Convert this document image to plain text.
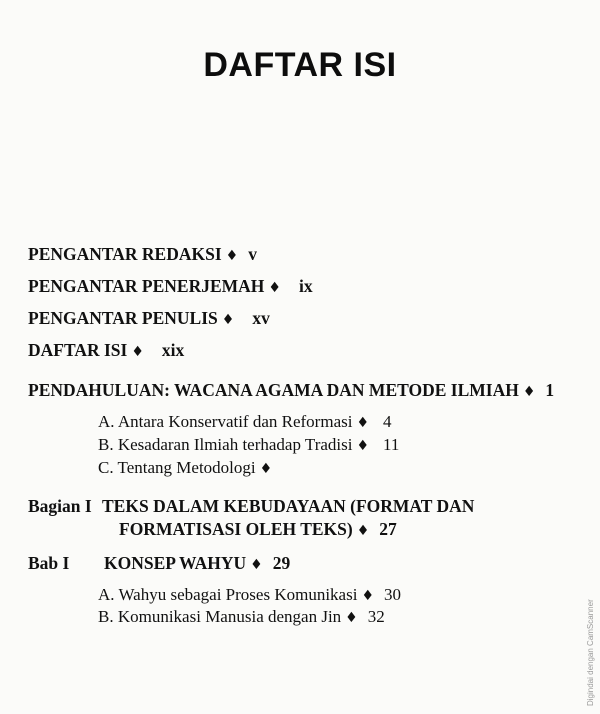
DAFTAR ISI
PENGANTAR REDAKSI ♦ v
PENGANTAR PENERJEMAH ♦ ix
PENGANTAR PENULIS ♦ xv
DAFTAR ISI ♦ xix
PENDAHULUAN: WACANA AGAMA DAN METODE ILMIAH ♦ 1
A. Antara Konservatif dan Reformasi ♦ 4
B. Kesadaran Ilmiah terhadap Tradisi ♦ 11
C. Tentang Metodologi ♦
Bagian I TEKS DALAM KEBUDAYAAN (FORMAT DAN
FORMATISASI OLEH TEKS) ♦ 27
Bab I KONSEP WAHYU ♦ 29
A. Wahyu sebagai Proses Komunikasi ♦ 30
B. Komunikasi Manusia dengan Jin ♦ 32	Digindai dengan CamScanner
